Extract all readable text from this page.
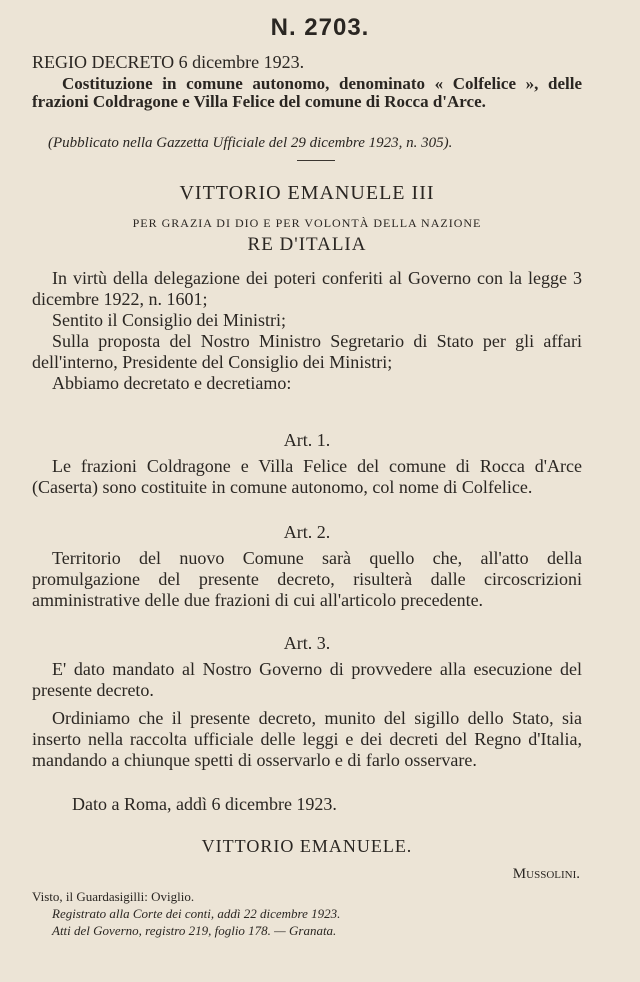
N. 2703.

REGIO DECRETO 6 dicembre 1923.

Costituzione in comune autonomo, denominato « Colfelice », delle frazioni Coldragone e Villa Felice del comune di Rocca d'Arce.

(Pubblicato nella Gazzetta Ufficiale del 29 dicembre 1923, n. 305).

VITTORIO EMANUELE III

PER GRAZIA DI DIO E PER VOLONTÀ DELLA NAZIONE

RE D'ITALIA

In virtù della delegazione dei poteri conferiti al Governo con la legge 3 dicembre 1922, n. 1601;

Sentito il Consiglio dei Ministri;

Sulla proposta del Nostro Ministro Segretario di Stato per gli affari dell'interno, Presidente del Consiglio dei Ministri;

Abbiamo decretato e decretiamo:

Art. 1.

Le frazioni Coldragone e Villa Felice del comune di Rocca d'Arce (Caserta) sono costituite in comune autonomo, col nome di Colfelice.

Art. 2.

Territorio del nuovo Comune sarà quello che, all'atto della promulgazione del presente decreto, risulterà dalle circoscrizioni amministrative delle due frazioni di cui all'articolo precedente.

Art. 3.

E' dato mandato al Nostro Governo di provvedere alla esecuzione del presente decreto.

Ordiniamo che il presente decreto, munito del sigillo dello Stato, sia inserto nella raccolta ufficiale delle leggi e dei decreti del Regno d'Italia, mandando a chiunque spetti di osservarlo e di farlo osservare.

Dato a Roma, addì 6 dicembre 1923.

VITTORIO EMANUELE.

Mussolini.

Visto, il Guardasigilli: Oviglio.

Registrato alla Corte dei conti, addì 22 dicembre 1923.

Atti del Governo, registro 219, foglio 178. — Granata.
